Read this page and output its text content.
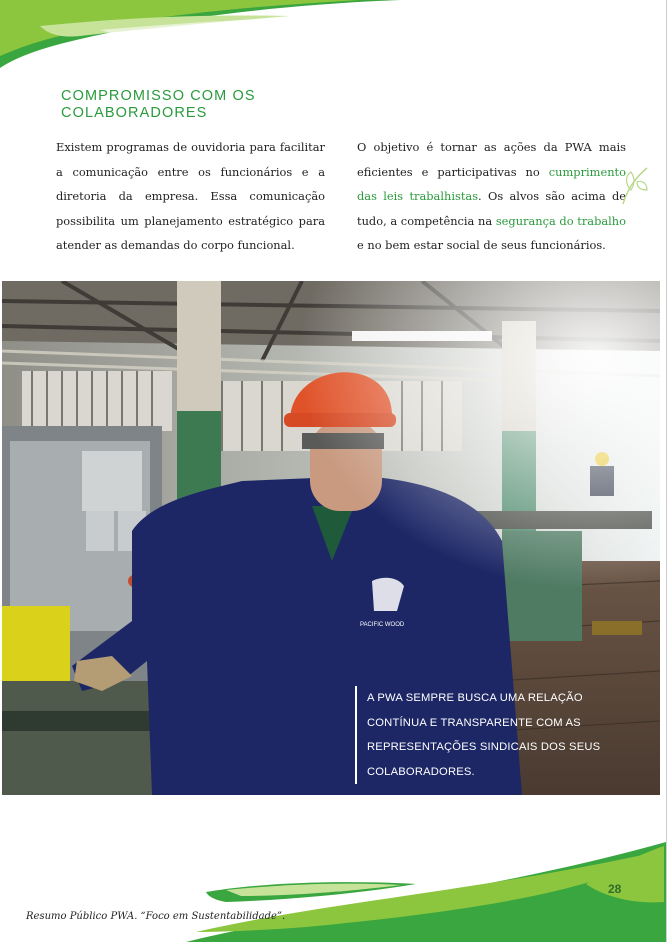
COMPROMISSO COM OS COLABORADORES

Existem programas de ouvidoria para facilitar a comunicação entre os funcionários e a diretoria da empresa. Essa comunicação possibilita um planejamento estratégico para atender as demandas do corpo funcional.

O objetivo é tornar as ações da PWA mais eficientes e participativas no cumprimento das leis trabalhistas. Os alvos são acima de tudo, a competência na segurança do trabalho e no bem estar social de seus funcionários.

A PWA SEMPRE BUSCA UMA RELAÇÃO CONTÍNUA E TRANSPARENTE COM AS REPRESENTAÇÕES SINDICAIS DOS SEUS COLABORADORES.

28

Resumo Público PWA. “Foco em Sustentabilidade”.
